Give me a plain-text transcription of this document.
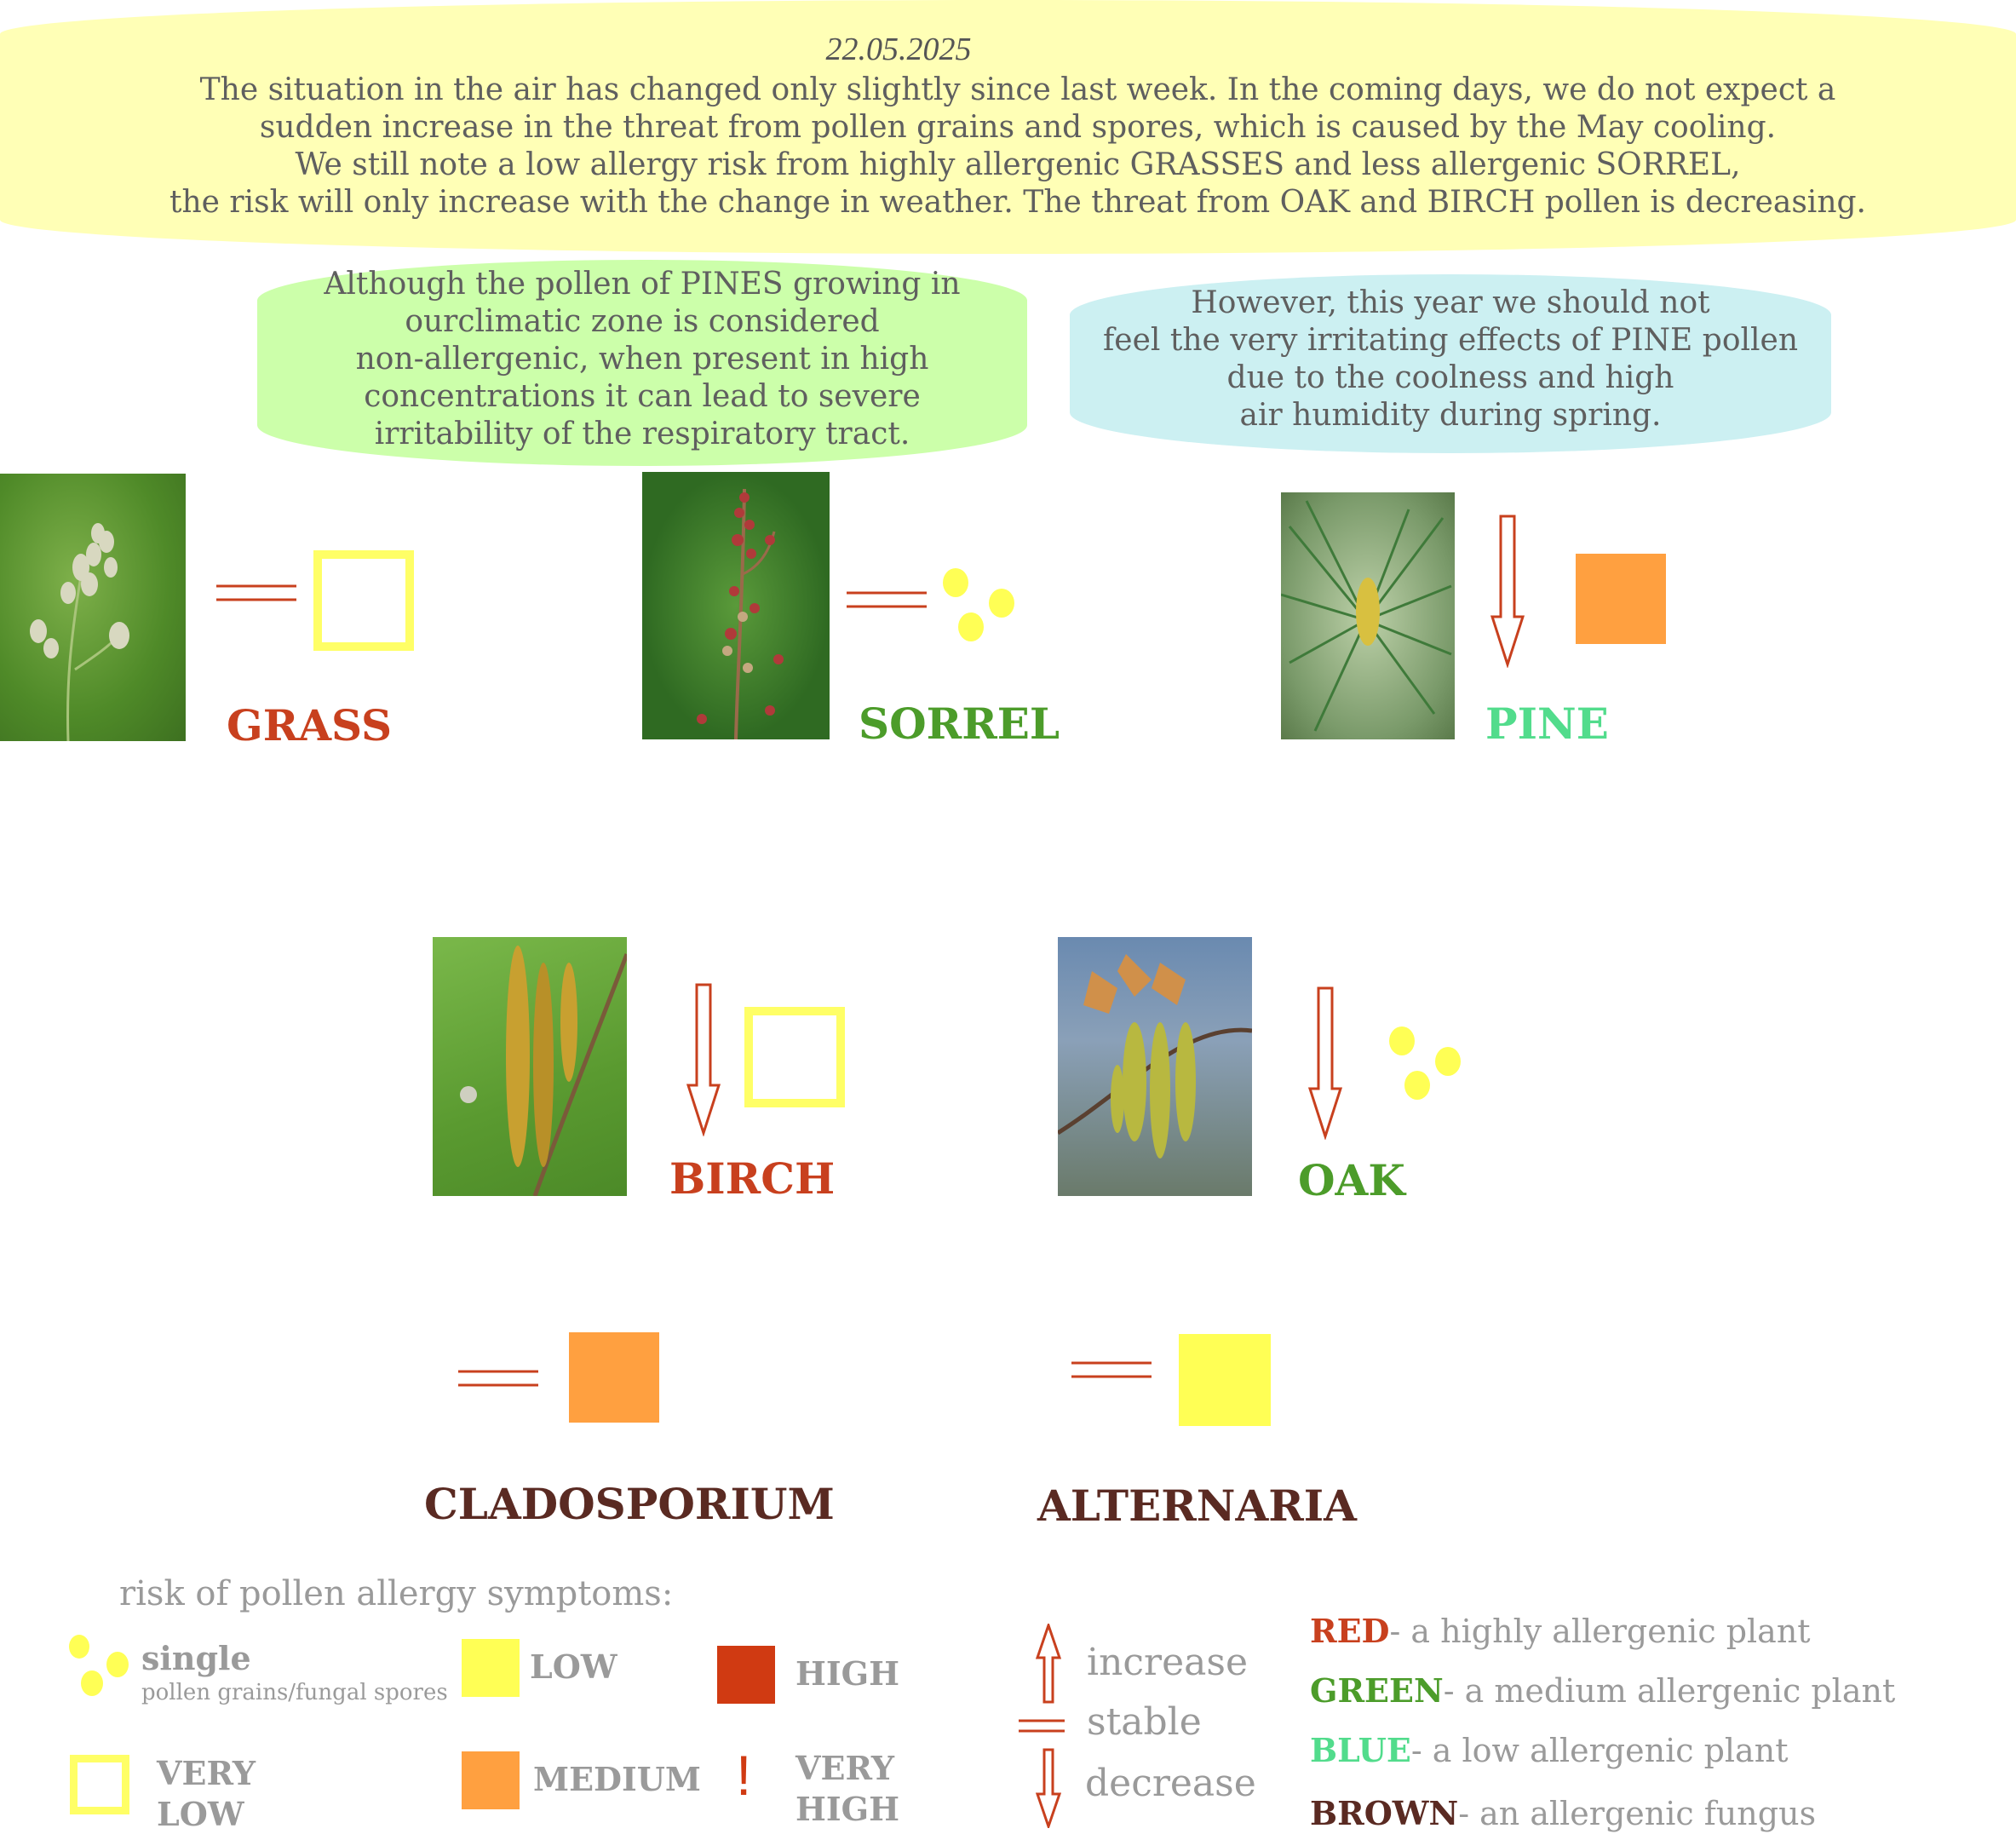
22.05.2025
The situation in the air has changed only slightly since last week. In the coming days, we do not expect a
sudden increase in the threat from pollen grains and spores, which is caused by the May cooling.
We still note a low allergy risk from highly allergenic GRASSES and less allergenic SORREL,
the risk will only increase with the change in weather. The threat from OAK and BIRCH pollen is decreasing.
Although the pollen of PINES growing in
ourclimatic zone is considered
non-allergenic, when present in high
concentrations it can lead to severe
irritability of the respiratory tract.
However, this year we should not
feel the very irritating effects of PINE pollen
due to the coolness and high
air humidity during spring.
GRASS	SORREL	PINE
BIRCH	OAK
CLADOSPORIUM	ALTERNARIA
risk of pollen allergy symptoms:
single
pollen grains/fungal spores
LOW	HIGH
VERY
LOW
MEDIUM ! VERY
HIGH
increase
stable
decrease
RED- a highly allergenic plant
GREEN- a medium allergenic plant
BLUE- a low allergenic plant
BROWN- an allergenic fungus
